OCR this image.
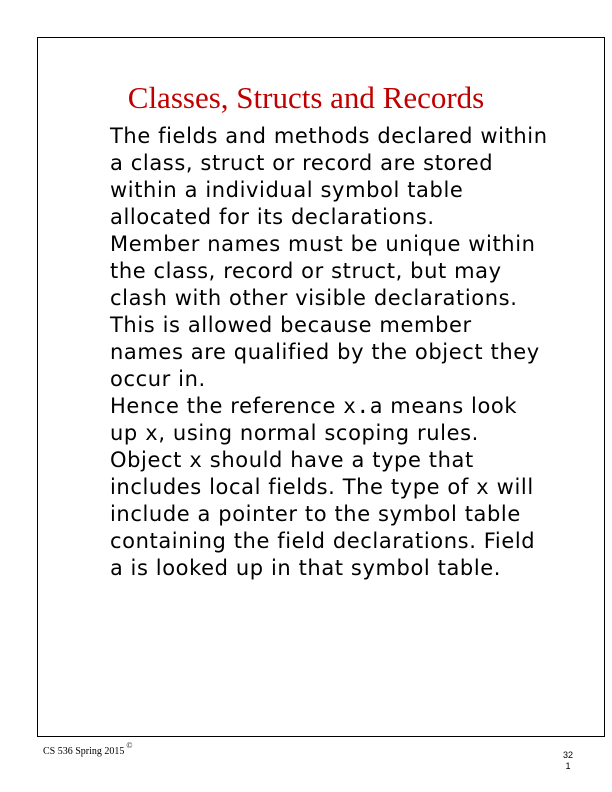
Classes, Structs and Records

The fields and methods declared within a class, struct or record are stored within a individual symbol table allocated for its declarations.

Member names must be unique within the class, record or struct, but may clash with other visible declarations. This is allowed because member names are qualified by the object they occur in.

Hence the reference x.a means look up x, using normal scoping rules. Object x should have a type that includes local fields. The type of x will include a pointer to the symbol table containing the field declarations. Field a is looked up in that symbol table.

CS 536 Spring 2015©
32
1
